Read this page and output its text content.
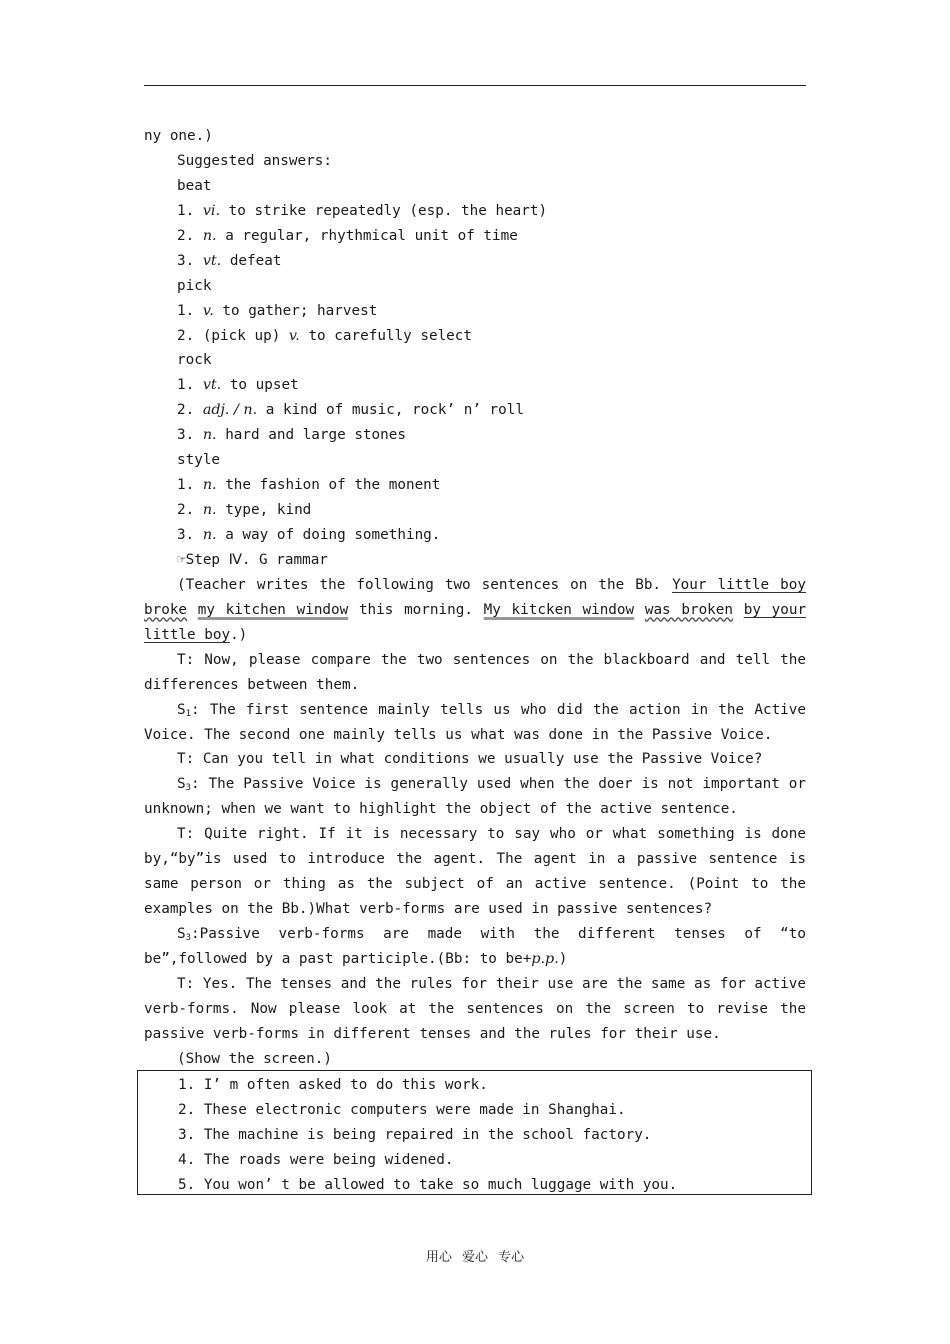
ny one.)
Suggested answers:
beat
1. vi. to strike repeatedly (esp. the heart)
2. n. a regular, rhythmical unit of time
3. vt. defeat
pick
1. v. to gather; harvest
2. (pick up) v. to carefully select
rock
1. vt. to upset
2. adj. / n. a kind of music, rock’ n’ roll
3. n. hard and large stones
style
1. n. the fashion of the monent
2. n. type, kind
3. n. a way of doing something.
☞Step Ⅳ. G rammar
(Teacher writes the following two sentences on the Bb. Your little boy
broke my kitchen window this morning. My kitcken window was broken by your
little boy.)
T: Now, please compare the two sentences on the blackboard and tell the
differences between them.
$S_1$: The first sentence mainly tells us who did the action in the Active
Voice. The second one mainly tells us what was done in the Passive Voice.
T: Can you tell in what conditions we usually use the Passive Voice?
$S_3$: The Passive Voice is generally used when the doer is not important or
unknown; when we want to highlight the object of the active sentence.
T: Quite right. If it is necessary to say who or what something is done
by,“by”is used to introduce the agent. The agent in a passive sentence is
same person or thing as the subject of an active sentence. (Point to the
examples on the Bb.)What verb-forms are used in passive sentences?
$S_3:Passive$ verb-forms are made with the different tenses of “to
be”,followed by a past participle.(Bb: to be+p.p.)
T: Yes. The tenses and the rules for their use are the same as for active
verb-forms. Now please look at the sentences on the screen to revise the
passive verb-forms in different tenses and the rules for their use.
(Show the screen.)
1. I’ m often asked to do this work.
2. These electronic computers were made in Shanghai.
3. The machine is being repaired in the school factory.
4. The roads were being widened.
5. You won’ t be allowed to take so much luggage with you.
用心 爱心 专心
